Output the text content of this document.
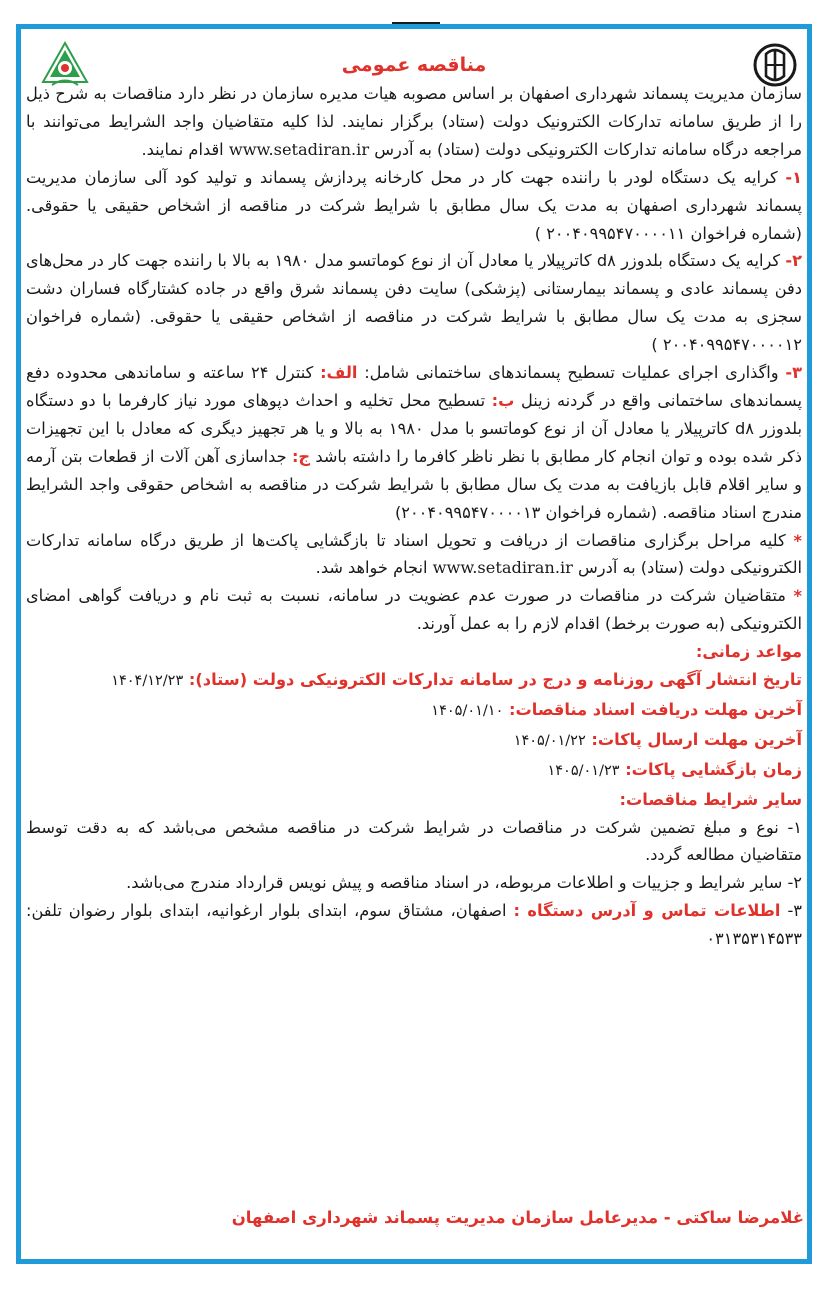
مناقصه عمومی

سازمان مدیریت پسماند شهرداری اصفهان بر اساس مصوبه هیات مدیره سازمان در نظر دارد مناقصات به شرح ذیل را از طریق سامانه تدارکات الکترونیک دولت (ستاد) برگزار نمایند. لذا کلیه متقاضیان واجد الشرایط می‌توانند با مراجعه درگاه سامانه تدارکات الکترونیکی دولت (ستاد) به آدرس www.setadiran.ir اقدام نمایند.

۱- کرایه یک دستگاه لودر با راننده جهت کار در محل کارخانه پردازش پسماند و تولید کود آلی سازمان مدیریت پسماند شهرداری اصفهان به مدت یک سال مطابق با شرایط شرکت در مناقصه از اشخاص حقیقی یا حقوقی. (شماره فراخوان ۲۰۰۴۰۹۹۵۴۷۰۰۰۰۱۱ )

۲- کرایه یک دستگاه بلدوزر d۸ کاترپیلار یا معادل آن از نوع کوماتسو مدل ۱۹۸۰ به بالا با راننده جهت کار در محل‌های دفن پسماند عادی و پسماند بیمارستانی (پزشکی) سایت دفن پسماند شرق واقع در جاده کشتارگاه فساران دشت سجزی به مدت یک سال مطابق با شرایط شرکت در مناقصه از اشخاص حقیقی یا حقوقی. (شماره فراخوان ۲۰۰۴۰۹۹۵۴۷۰۰۰۰۱۲ )

۳- واگذاری اجرای عملیات تسطیح پسماندهای ساختمانی شامل: الف: کنترل ۲۴ ساعته و ساماندهی محدوده دفع پسماندهای ساختمانی واقع در گردنه زینل ب: تسطیح محل تخلیه و احداث دپوهای مورد نیاز کارفرما با دو دستگاه بلدوزر d۸ کاترپیلار یا معادل آن از نوع کوماتسو با مدل ۱۹۸۰ به بالا و یا هر تجهیز دیگری که معادل با این تجهیزات ذکر شده بوده و توان انجام کار مطابق با نظر ناظر کافرما را داشته باشد ج: جداسازی آهن آلات از قطعات بتن آرمه و سایر اقلام قابل بازیافت به مدت یک سال مطابق با شرایط شرکت در مناقصه به اشخاص حقوقی واجد الشرایط مندرج اسناد مناقصه. (شماره فراخوان ۲۰۰۴۰۹۹۵۴۷۰۰۰۰۱۳)

* کلیه مراحل برگزاری مناقصات از دریافت و تحویل اسناد تا بازگشایی پاکت‌ها از طریق درگاه سامانه تدارکات الکترونیکی دولت (ستاد) به آدرس www.setadiran.ir انجام خواهد شد.

* متقاضیان شرکت در مناقصات در صورت عدم عضویت در سامانه، نسبت به ثبت نام و دریافت گواهی امضای الکترونیکی (به صورت برخط) اقدام لازم را به عمل آورند.

مواعد زمانی:

تاریخ انتشار آگهی روزنامه و درج در سامانه تدارکات الکترونیکی دولت (ستاد): ۱۴۰۴/۱۲/۲۳

آخرین مهلت دریافت اسناد مناقصات: ۱۴۰۵/۰۱/۱۰

آخرین مهلت ارسال پاکات: ۱۴۰۵/۰۱/۲۲

زمان بازگشایی پاکات: ۱۴۰۵/۰۱/۲۳

سایر شرایط مناقصات:

۱- نوع و مبلغ تضمین شرکت در مناقصات در شرایط شرکت در مناقصه مشخص می‌باشد که به دقت توسط متقاضیان مطالعه گردد.

۲- سایر شرایط و جزییات و اطلاعات مربوطه، در اسناد مناقصه و پیش نویس قرارداد مندرج می‌باشد.

۳- اطلاعات تماس و آدرس دستگاه : اصفهان، مشتاق سوم، ابتدای بلوار ارغوانیه، ابتدای بلوار رضوان تلفن: ۰۳۱۳۵۳۱۴۵۳۳

غلامرضا ساکتی - مدیرعامل سازمان مدیریت پسماند شهرداری اصفهان
